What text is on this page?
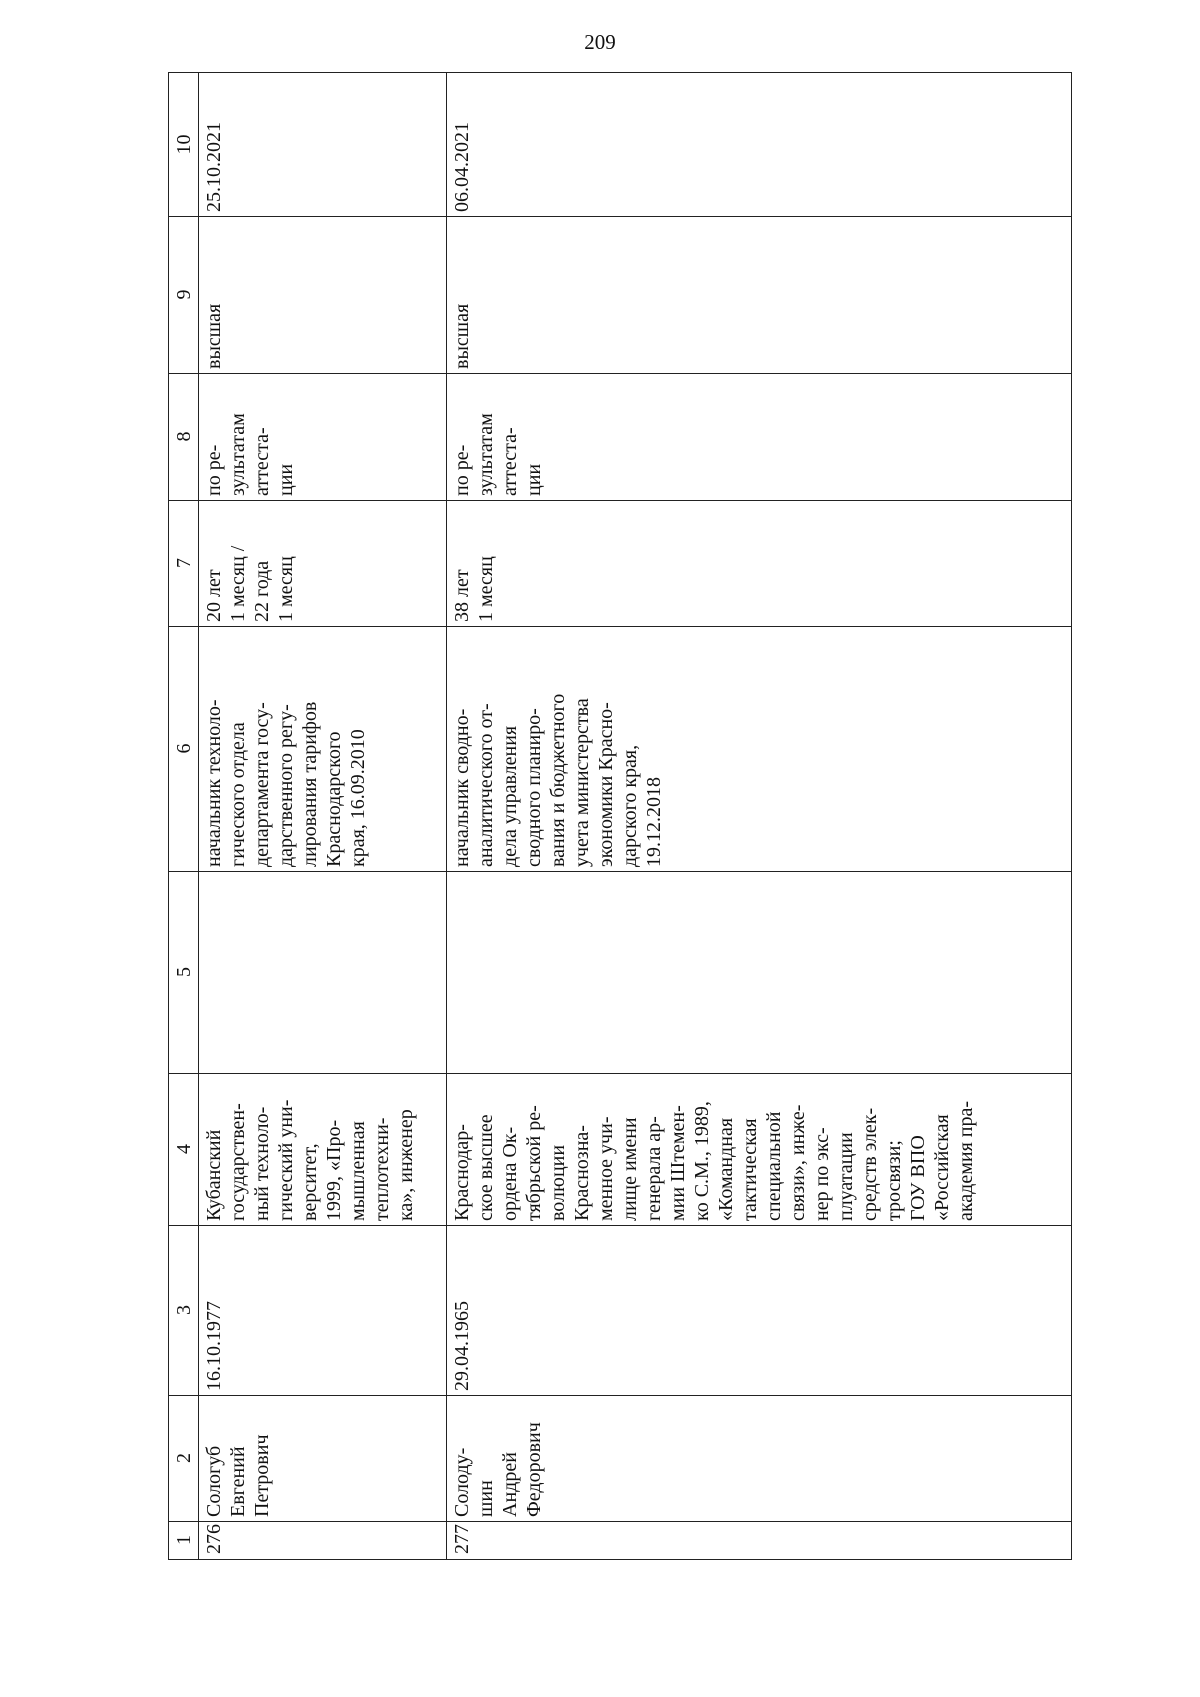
209
1
2
3
4
5
6
7
8
9
10
276
Сологуб
Евгений
Петрович
16.10.1977
Кубанский
государствен-
ный техноло-
гический уни-
верситет,
1999, «Про-
мышленная
теплотехни-
ка», инженер
начальник техноло-
гического отдела
департамента госу-
дарственного регу-
лирования тарифов
Краснодарского
края, 16.09.2010
20 лет
1 месяц /
22 года
1 месяц
по ре-
зультатам
аттеста-
ции
высшая
25.10.2021
277
Солоду-
шин
Андрей
Федорович
29.04.1965
Краснодар-
ское высшее
ордена Ок-
тябрьской ре-
волюции
Краснозна-
менное учи-
лище имени
генерала ар-
мии Штемен-
ко С.М., 1989,
«Командная
тактическая
специальной
связи», инже-
нер по экс-
плуатации
средств элек-
тросвязи;
ГОУ ВПО
«Российская
академия пра-
начальник сводно-
аналитического от-
дела управления
сводного планиро-
вания и бюджетного
учета министерства
экономики Красно-
дарского края,
19.12.2018
38 лет
1 месяц
по ре-
зультатам
аттеста-
ции
высшая
06.04.2021
